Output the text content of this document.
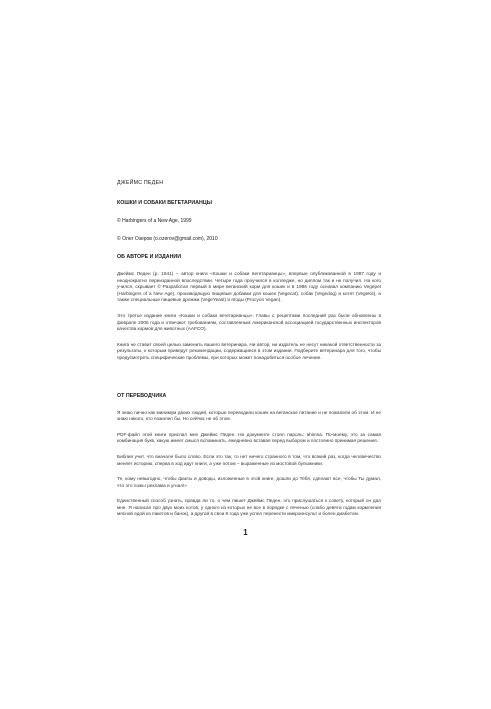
ДЖЕЙМС ПЕДЕН

КОШКИ И СОБАКИ ВЕГЕТАРИАНЦЫ

© Harbingers of a New Age, 1999

© Олег Озеров (o.ozerov@gmail.com), 2010

ОБ АВТОРЕ И ИЗДАНИИ

Джеймс Педен (р. 1941) – автор книги «Кошки и собаки вегетарианцы», впервые опубликованной в 1987 году и неоднократно переизданной впоследствии. Четыре года проучился в колледже, но диплом так и не получил. На кого учился, скрывает © Разработал первый в мире веганский корм для кошек и в 1986 году основал компанию Vegepet (Harbingers of a New Age), производящую пищевые добавки для кошек (Vegecat), собак (Vegedog) и котят (VegeKit), а также специальные пищевые дрожжи (VegeYeast) и ягоды (Procyon Vegan).

Это третье издание книги «Кошки и собаки вегетарианцы». Главы с рецептами последний раз были обновлены в феврале 2006 года и отвечают требованиям, составленным Американской ассоциацией государственных инспекторов качества кормов для животных (AAFCO).

Книга не ставит своей целью заменить вашего ветеринара. Ни автор, ни издатель не несут никакой ответственности за результаты, к которым приведут рекомендации, содержащиеся в этом издании. Подберите ветеринара для того, чтобы предусмотреть специфические проблемы, при которых может понадобиться особое лечение.

ОТ ПЕРЕВОДЧИКА

Я знаю лично как минимум двоих людей, которые переводили кошек на веганское питание и не пожалели об этом. И не знаю никого, кто пожалел бы. Но сейчас не об этом.

PDF-файл этой книги прислал мне Джеймс Педен. На документе стоял пароль: ahimsa. По-моему, это за самая комбинация букв, какую имеет смысл вспоминать, ежедневно вставая перед выбором и постоянно принимая решения.

Библия учит, что вначале было слово. Если это так, то нет ничего странного в том, что всякий раз, когда человечество меняет историю, сперва в ход идут книги, а уже потом – выраженные из мостовой булыжники.

Те, кому невыгодно, чтобы факты и доводы, изложенные в этой книге, дошли до Тебя, сделают все, чтобы Ты думал, что это ложь! реклама и угнал!»

Единственный способ узнать, правда ли то, о чем пишет Джеймс Педен, это прислушаться к совету, который он дал мне. Я написал про двух моих котов, у одного из которых не все в порядке с печенью (слабо девяти годам кормления мясной едой из пакетов и банок), а другой в свои 9 года уже успел перенести микроинсульт и болен диабетом.

1
